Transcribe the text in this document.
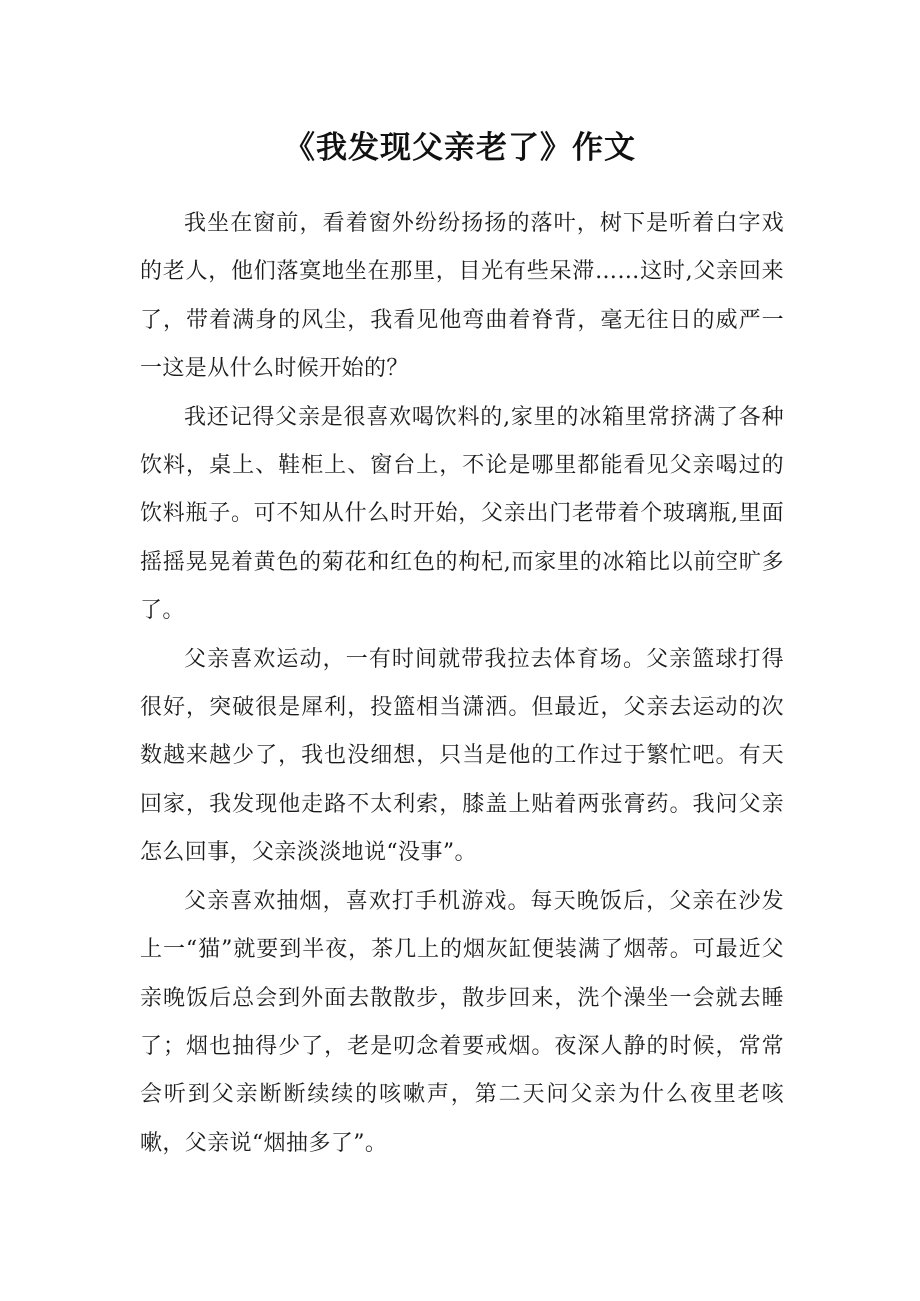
《我发现父亲老了》作文

我坐在窗前，看着窗外纷纷扬扬的落叶，树下是听着白字戏的老人，他们落寞地坐在那里，目光有些呆滞……这时,父亲回来了，带着满身的风尘，我看见他弯曲着脊背，毫无往日的威严一一这是从什么时候开始的？

我还记得父亲是很喜欢喝饮料的,家里的冰箱里常挤满了各种饮料，桌上、鞋柜上、窗台上，不论是哪里都能看见父亲喝过的饮料瓶子。可不知从什么时开始，父亲出门老带着个玻璃瓶,里面摇摇晃晃着黄色的菊花和红色的枸杞,而家里的冰箱比以前空旷多了。

父亲喜欢运动，一有时间就带我拉去体育场。父亲篮球打得很好，突破很是犀利，投篮相当潇洒。但最近，父亲去运动的次数越来越少了，我也没细想，只当是他的工作过于繁忙吧。有天回家，我发现他走路不太利索，膝盖上贴着两张膏药。我问父亲怎么回事，父亲淡淡地说“没事”。

父亲喜欢抽烟，喜欢打手机游戏。每天晚饭后，父亲在沙发上一“猫”就要到半夜，茶几上的烟灰缸便装满了烟蒂。可最近父亲晚饭后总会到外面去散散步，散步回来，洗个澡坐一会就去睡了；烟也抽得少了，老是叨念着要戒烟。夜深人静的时候，常常会听到父亲断断续续的咳嗽声，第二天问父亲为什么夜里老咳嗽，父亲说“烟抽多了”。
